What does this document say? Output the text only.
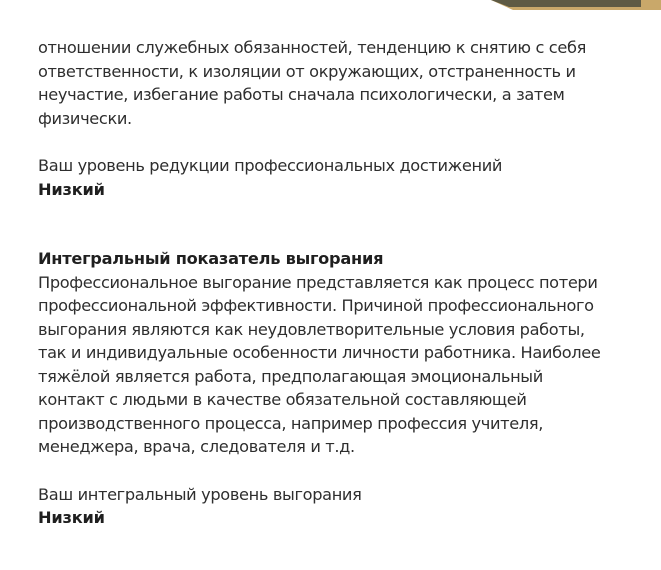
отношении служебных обязанностей, тенденцию к снятию с себя
ответственности, к изоляции от окружающих, отстраненность и
неучастие, избегание работы сначала психологически, а затем
физически.

Ваш уровень редукции профессиональных достижений

Низкий

Интегральный показатель выгорания

Профессиональное выгорание представляется как процесс потери
профессиональной эффективности. Причиной профессионального
выгорания являются как неудовлетворительные условия работы,
так и индивидуальные особенности личности работника. Наиболее
тяжёлой является работа, предполагающая эмоциональный
контакт с людьми в качестве обязательной составляющей
производственного процесса, например профессия учителя,
менеджера, врача, следователя и т.д.

Ваш интегральный уровень выгорания

Низкий
